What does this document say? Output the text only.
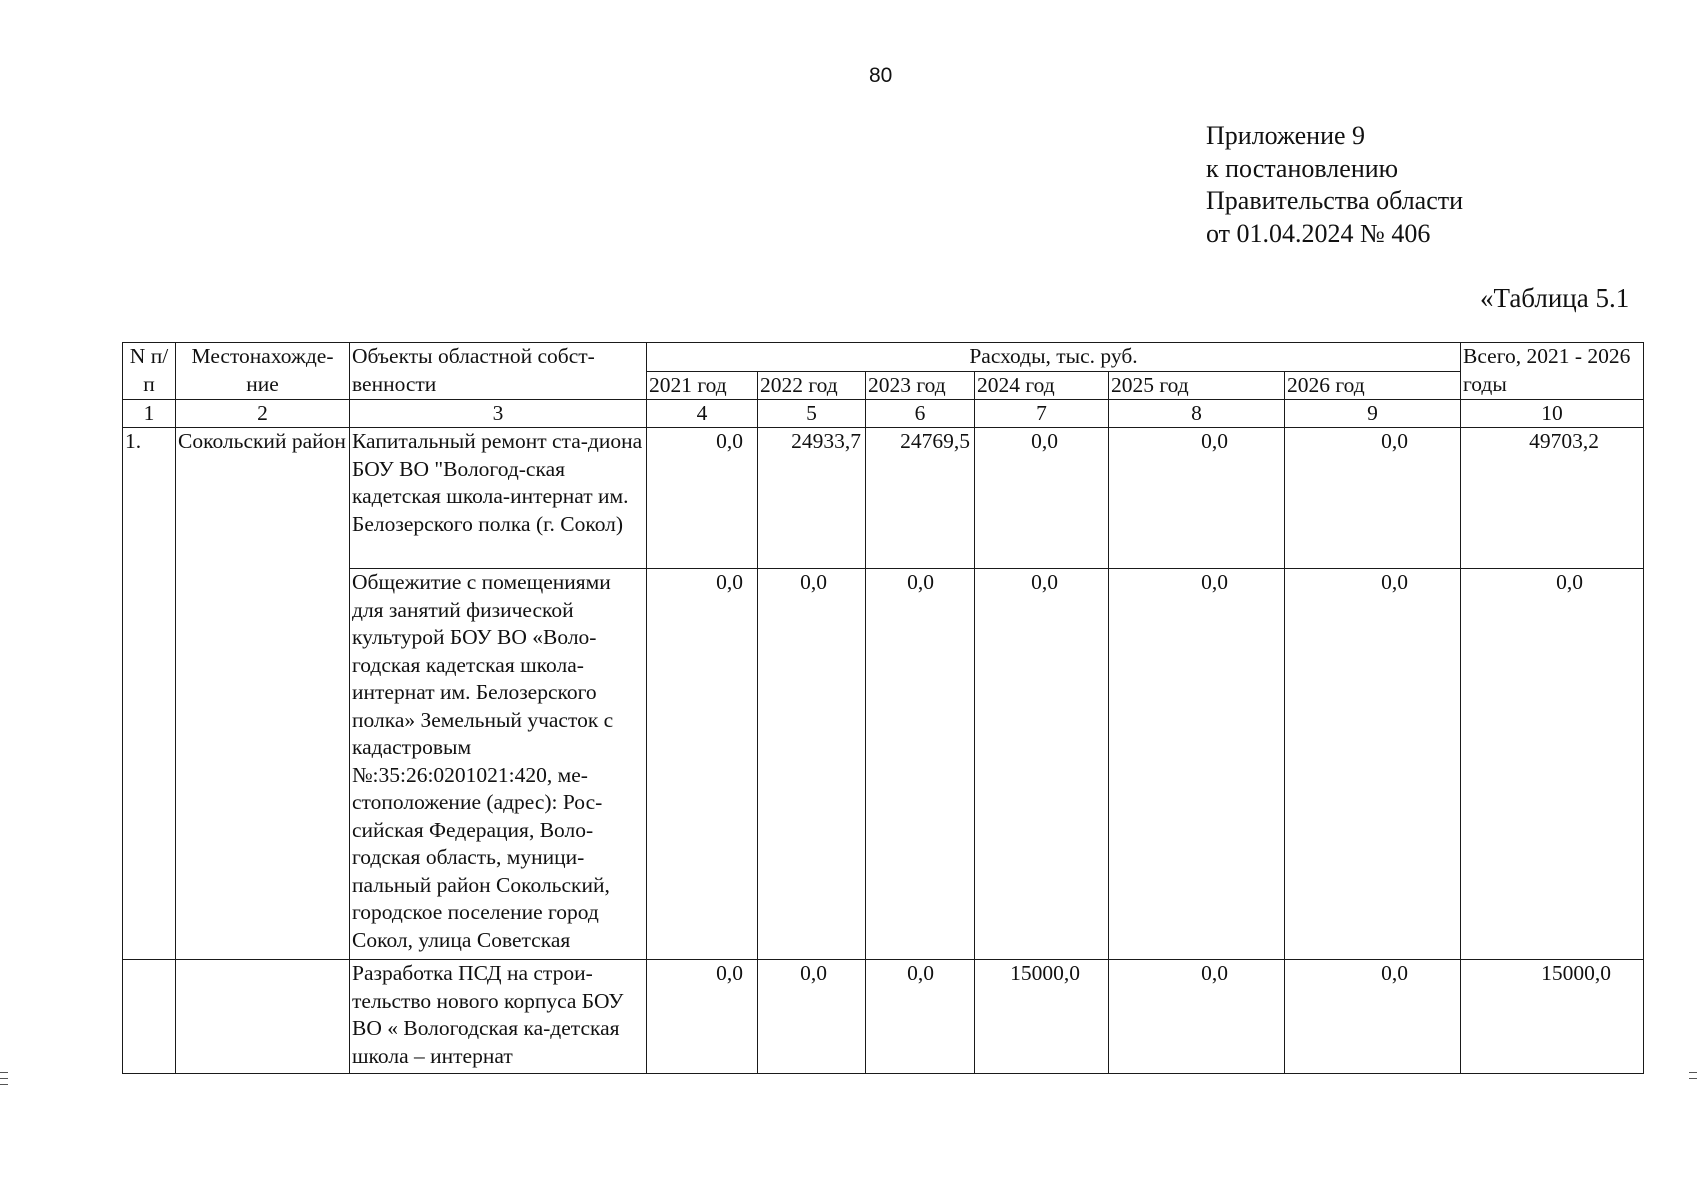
80
Приложение 9
к постановлению
Правительства области
от 01.04.2024 № 406
«Таблица 5.1
N п/п	Местонахожде-ние	Объекты областной собст-венности	Расходы, тыс. руб.						Всего, 2021 - 2026 годы
			2021 год	2022 год	2023 год	2024 год	2025 год	2026 год	
1	2	3	4	5	6	7	8	9	10
1.	Сокольский район	Капитальный ремонт ста-диона БОУ ВО "Вологод-ская кадетская школа-интернат им. Белозерского полка (г. Сокол)	0,0	24933,7	24769,5	0,0	0,0	0,0	49703,2
		Общежитие с помещениями для занятий физической культурой БОУ ВО «Воло-годская кадетская школа-интернат им. Белозерского полка» Земельный участок с кадастровым №:35:26:0201021:420, ме-стоположение (адрес): Рос-сийская Федерация, Воло-годская область, муници-пальный район Сокольский, городское поселение город Сокол, улица Советская	0,0	0,0	0,0	0,0	0,0	0,0	0,0
		Разработка ПСД на строи-тельство нового корпуса БОУ ВО « Вологодская ка-детская школа – интернат	0,0	0,0	0,0	15000,0	0,0	0,0	15000,0
